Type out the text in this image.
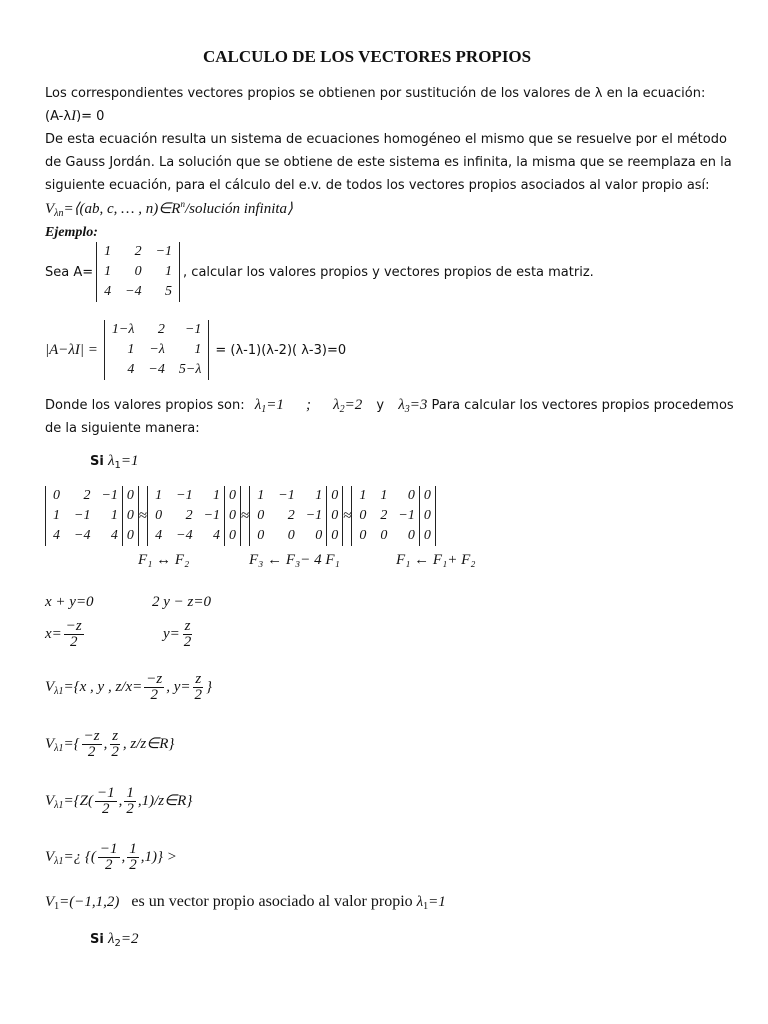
CALCULO DE LOS VECTORES PROPIOS
Los correspondientes vectores propios se obtienen por sustitución de los valores de λ en la ecuación:
(A-λI)= 0
De esta ecuación resulta un sistema de ecuaciones homogéneo el mismo que se resuelve por el método
de Gauss Jordán. La solución que se obtiene de este sistema es infinita, la misma que se reemplaza en la
siguiente ecuación, para el cálculo del e.v. de todos los vectores propios asociados al valor propio así:
$V_{\lambda n}=⟨(ab$, c, … , $n)\in R^n$/solución infinita⟩
Ejemplo:
Sea A=
1	2	−1
1	0	1
4	−4	5
, calcular los valores propios y vectores propios de esta matriz.
|A−λI| =
1−λ	2	−1
1	−λ	1
4	−4	5−λ
= (λ-1)(λ-2)( λ-3)=0
Donde los valores propios son: $\lambda_1=1$ ; $\lambda_2=2$ y $\lambda_3=3$ Para calcular los vectores propios procedemos
de la siguiente manera:
Si $\lambda_1=1$
0	2	−1	0
1	−1	1	0
4	−4	4	0
≈
1	−1	1	0
0	2	−1	0
4	−4	4	0
≈
1	−1	1	0
0	2	−1	0
0	0	0	0
≈
1	1	0	0
0	2	−1	0
0	0	0	0
F₁ ↔ F₂	F₃ ← F₃− 4 F₁	F₁ ← F₁+ F₂
x + y=0	2 y − z=0
$x= \frac{-z}{2}$	$y= \frac{z}{2}$
$V_{\lambda 1}=\{x$ , y , $z/x= \frac{-z}{2}$ , $y= \frac{z}{2}$ }
$V_{\lambda 1}=\{ \frac{-z}{2}$ , $\frac{z}{2}$ , z/z∈R}
$V_{\lambda 1}=\{Z( \frac{-1}{2}$ , $\frac{1}{2}$ ,1)/z∈R}
$V_{\lambda 1}=¿$ {( $\frac{-1}{2}$ , $\frac{1}{2} ,1$)} >
$V_1=(-1,1,2)$ es un vector propio asociado al valor propio $\lambda_1=1$
Si $\lambda_2=2$
